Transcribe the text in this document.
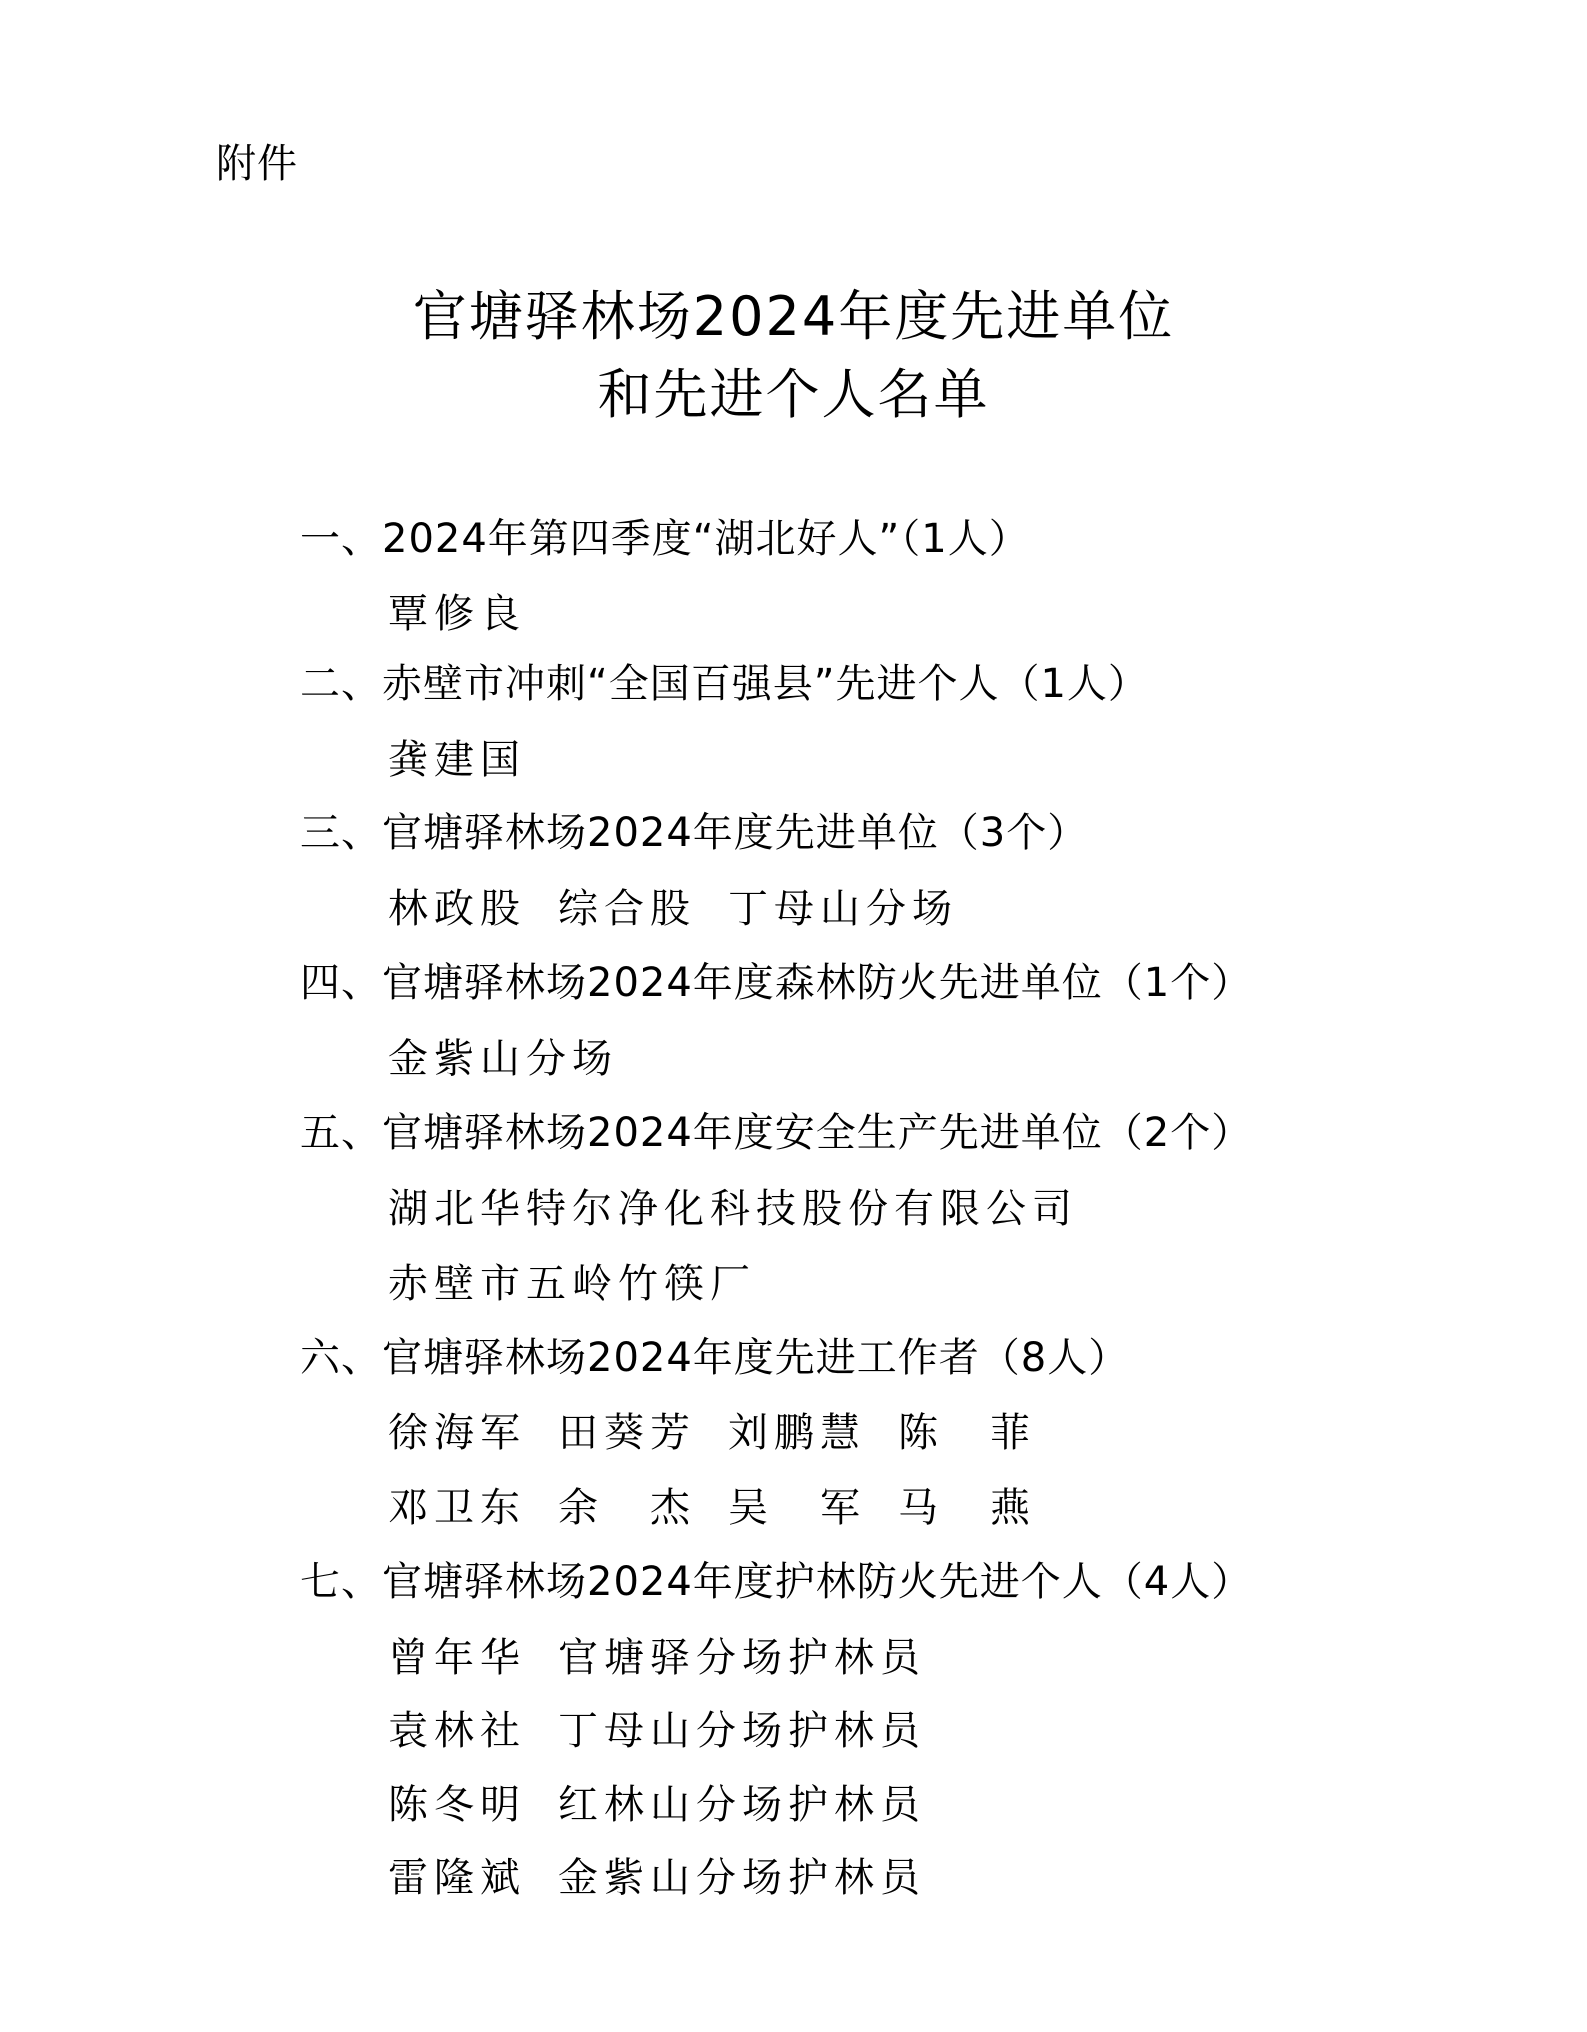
附件
官塘驿林场2024年度先进单位
和先进个人名单
一、2024年第四季度“湖北好人”（1人）
覃修良
二、赤壁市冲刺“全国百强县”先进个人（1人）
龚建国
三、官塘驿林场2024年度先进单位（3个）
林政股 综合股 丁母山分场
四、官塘驿林场2024年度森林防火先进单位（1个）
金紫山分场
五、官塘驿林场2024年度安全生产先进单位（2个）
湖北华特尔净化科技股份有限公司
赤壁市五岭竹筷厂
六、官塘驿林场2024年度先进工作者（8人）
徐海军 田葵芳 刘鹏慧 陈　菲
邓卫东 余　杰 吴　军 马　燕
七、官塘驿林场2024年度护林防火先进个人（4人）
曾年华 官塘驿分场护林员
袁林社 丁母山分场护林员
陈冬明 红林山分场护林员
雷隆斌 金紫山分场护林员
